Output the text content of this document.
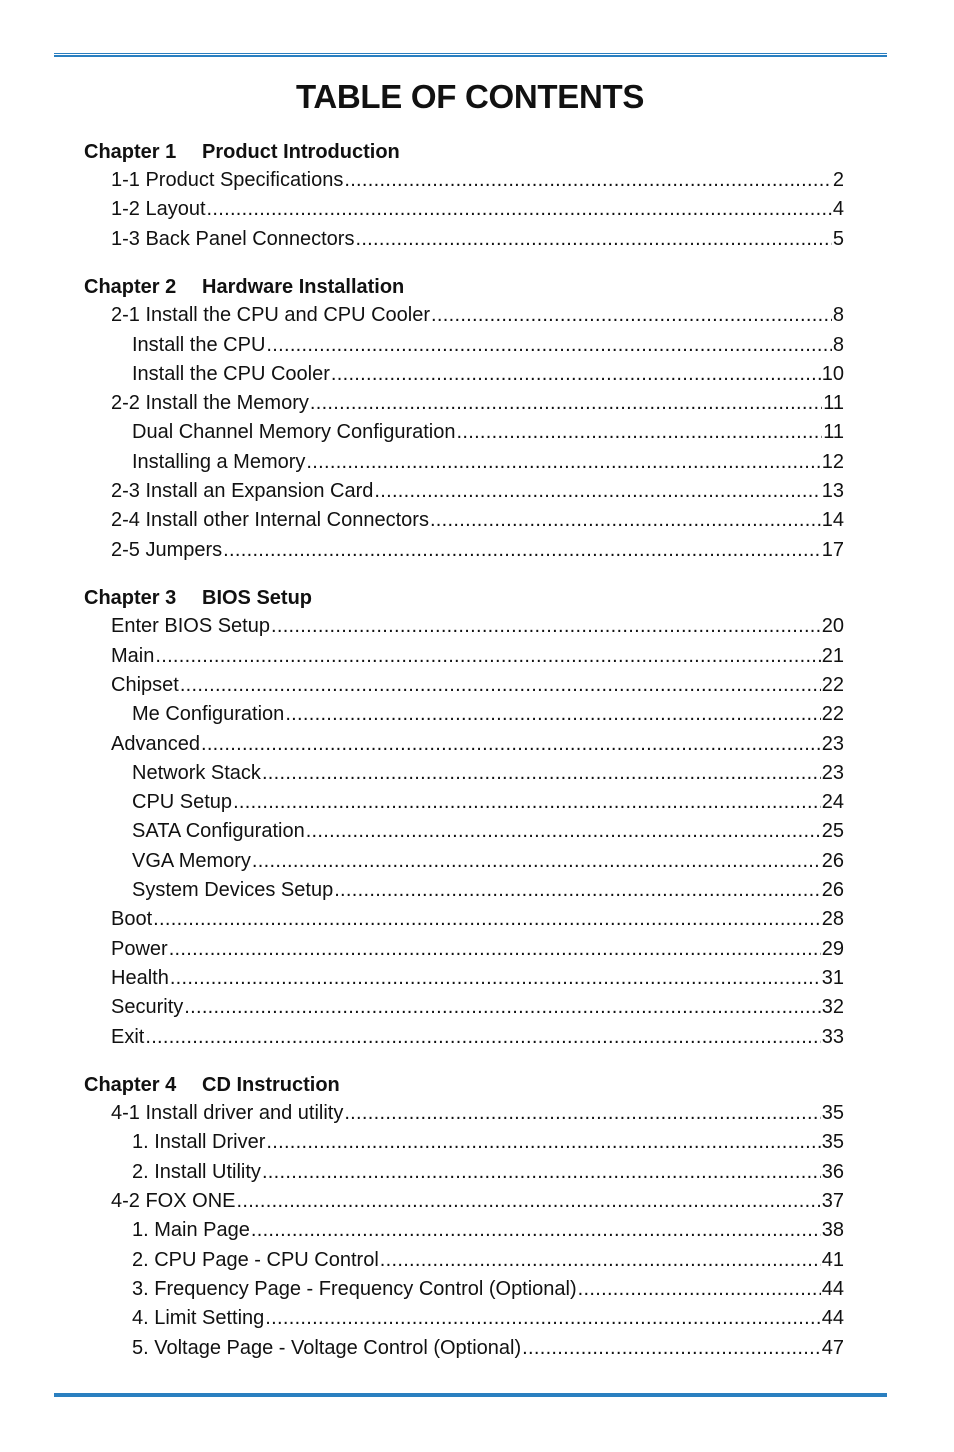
TABLE OF CONTENTS
Chapter 1 Product Introduction
1-1 Product Specifications .....	2
1-2 Layout .....	4
1-3 Back Panel Connectors .....	5
Chapter 2 Hardware Installation
2-1 Install the CPU and CPU Cooler .....	8
Install the CPU .....	8
Install the CPU Cooler .....	10
2-2 Install the Memory .....	11
Dual Channel Memory Configuration .....	11
Installing a Memory .....	12
2-3 Install an Expansion Card .....	13
2-4 Install other Internal Connectors .....	14
2-5 Jumpers .....	17
Chapter 3 BIOS Setup
Enter BIOS Setup .....	20
Main .....	21
Chipset .....	22
Me Configuration .....	22
Advanced .....	23
Network Stack .....	23
CPU Setup .....	24
SATA Configuration .....	25
VGA Memory .....	26
System Devices Setup .....	26
Boot .....	28
Power .....	29
Health .....	31
Security .....	32
Exit .....	33
Chapter 4 CD Instruction
4-1 Install driver and utility .....	35
1. Install Driver .....	35
2. Install Utility .....	36
4-2 FOX ONE .....	37
1. Main Page .....	38
2. CPU Page - CPU Control .....	41
3. Frequency Page - Frequency Control (Optional) .....	44
4. Limit Setting .....	44
5. Voltage Page - Voltage Control (Optional) .....	47
